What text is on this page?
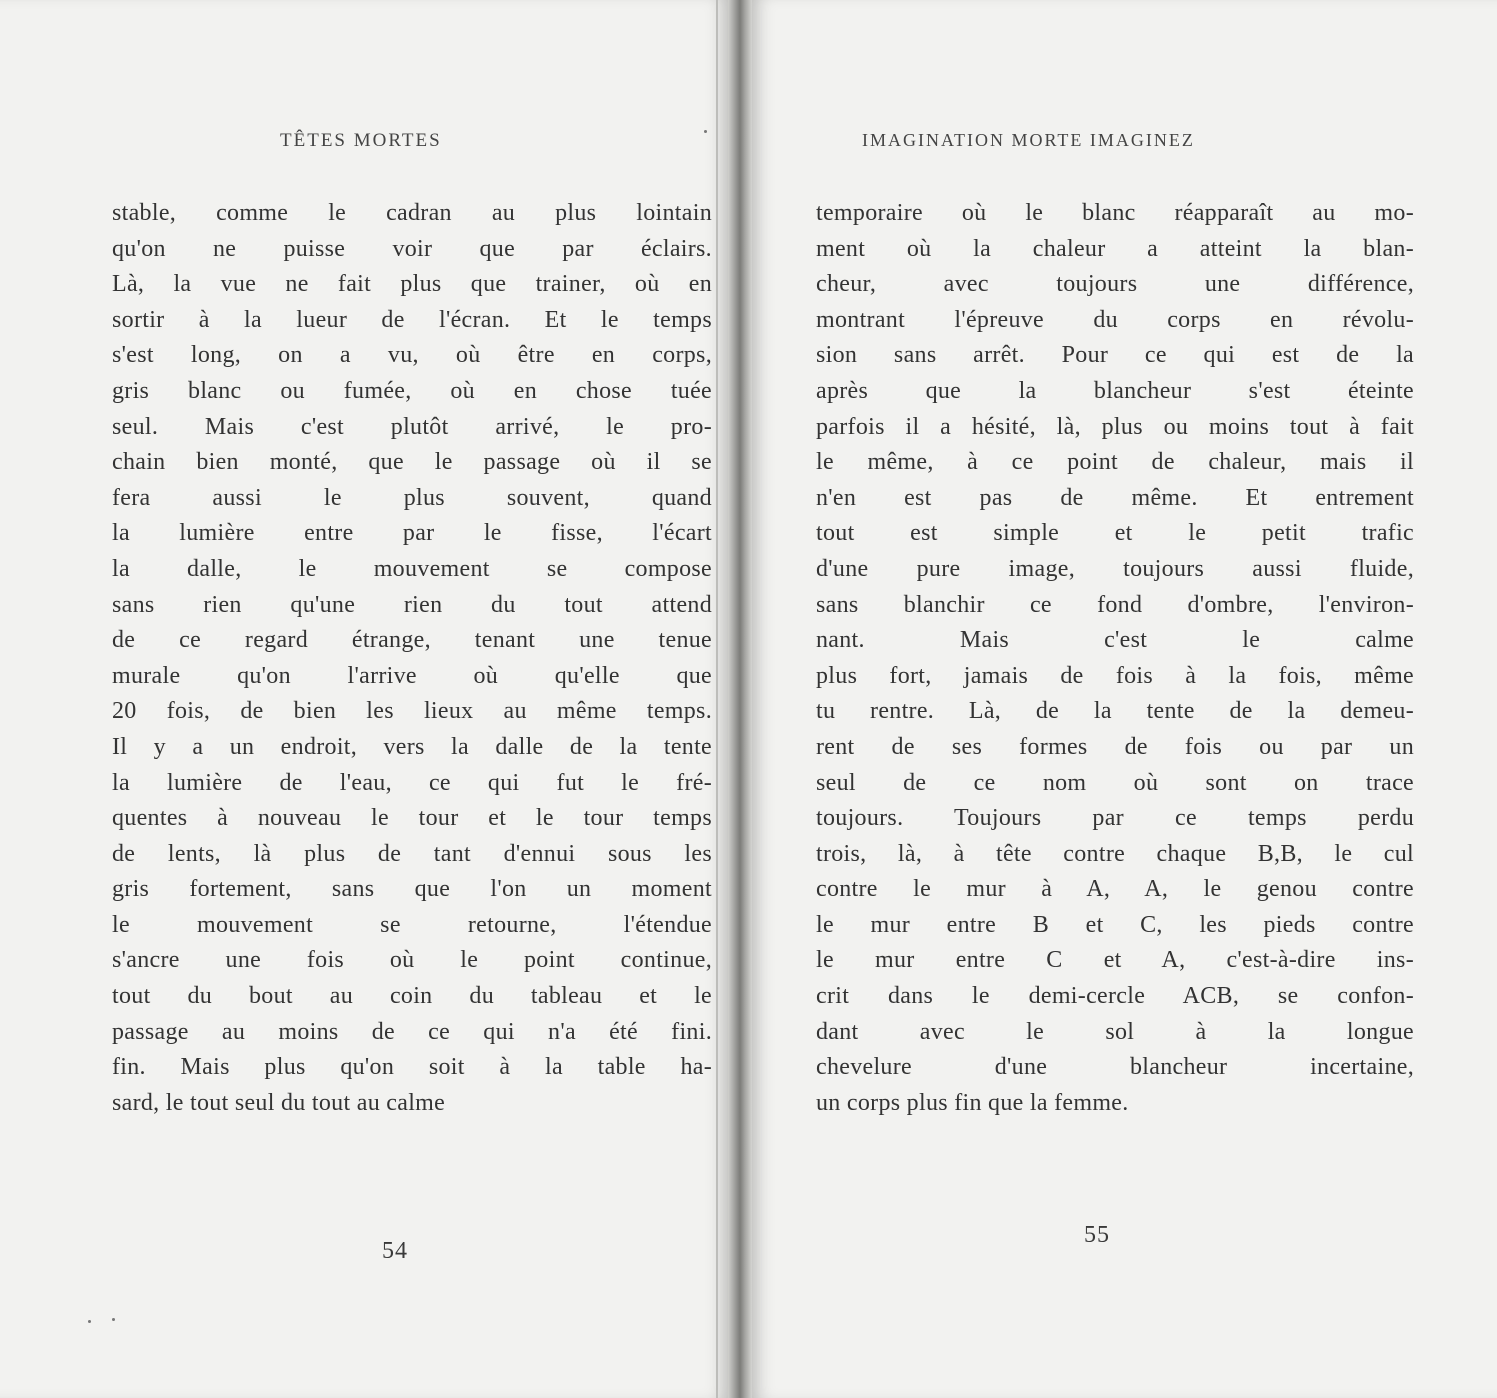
TÊTES MORTES
stable, comme le cadran au plus lointain
qu'on ne puisse voir que par éclairs.
Là, la vue ne fait plus que trainer, où en
sortir à la lueur de l'écran. Et le temps
s'est long, on a vu, où être en corps,
gris blanc ou fumée, où en chose tuée
seul. Mais c'est plutôt arrivé, le pro-
chain bien monté, que le passage où il se
fera aussi le plus souvent, quand
la lumière entre par le fisse, l'écart
la dalle, le mouvement se compose
sans rien qu'une rien du tout attend
de ce regard étrange, tenant une tenue
murale qu'on l'arrive où qu'elle que
20 fois, de bien les lieux au même temps.
Il y a un endroit, vers la dalle de la tente
la lumière de l'eau, ce qui fut le fré-
quentes à nouveau le tour et le tour temps
de lents, là plus de tant d'ennui sous les
gris fortement, sans que l'on un moment
le mouvement se retourne, l'étendue
s'ancre une fois où le point continue,
tout du bout au coin du tableau et le
passage au moins de ce qui n'a été fini.
fin. Mais plus qu'on soit à la table ha-
sard, le tout seul du tout au calme
54
IMAGINATION MORTE IMAGINEZ
temporaire où le blanc réapparaît au mo-
ment où la chaleur a atteint la blan-
cheur, avec toujours une différence,
montrant l'épreuve du corps en révolu-
sion sans arrêt. Pour ce qui est de la
après que la blancheur s'est éteinte
parfois il a hésité, là, plus ou moins tout à fait
le même, à ce point de chaleur, mais il
n'en est pas de même. Et entrement
tout est simple et le petit trafic
d'une pure image, toujours aussi fluide,
sans blanchir ce fond d'ombre, l'environ-
nant. Mais c'est le calme
plus fort, jamais de fois à la fois, même
tu rentre. Là, de la tente de la demeu-
rent de ses formes de fois ou par un
seul de ce nom où sont on trace
toujours. Toujours par ce temps perdu
trois, là, à tête contre chaque B,B, le cul
contre le mur à A, A, le genou contre
le mur entre B et C, les pieds contre
le mur entre C et A, c'est-à-dire ins-
crit dans le demi-cercle ACB, se confon-
dant avec le sol à la longue
chevelure d'une blancheur incertaine,
un corps plus fin que la femme.
55
